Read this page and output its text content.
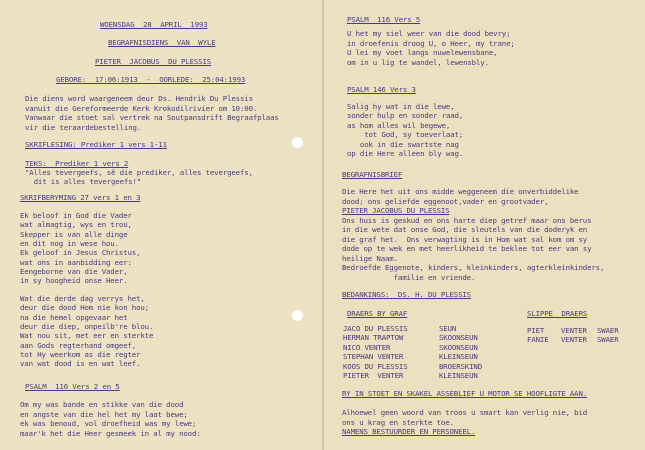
WOENSDAG  28  APRIL  1993
BEGRAFNISDIENS  VAN  WYLE
PIETER  JACOBUS  DU PLESSIS
GEBORE:  17:06:1913  -  OORLEDE:  25:04:1993
Die diens word waargeneem deur Ds. Hendrik Du Plessis
vanuit die Gereformeerde Kerk Krokodilrivier om 10:00.
Vanwaar die stoet sal vertrek na Soutpansdrift Begraafplaas
vir die teraardebestelling.
SKRIFLESING: Prediker 1 vers 1-11
TEKS:  Prediker 1 vers 2
"Alles tevergeefs, sê die prediker, alles tevergeefs,
dit is alles tevergeefs!"
SKRIFBERYMING 27 vers 1 en 3
Ek beloof in God die Vader
wat almagtig, wys en trou,
Skepper is van alle dinge
en dit nog in wese hou.
Ek geloof in Jesus Christus,
wat ons in aanbidding eer:
Eengeborne van die Vader,
in sy hoogheid onse Heer.
Wat die derde dag verrys het,
deur die dood Hom nie kon hou;
na die hemel opgevaar het
deur die diep, onpeilb're blou.
Wat nou sit, met eer en sterkte
aan Gods regterhand omgeef,
tot Hy weerkom as die regter
van wat dood is en wat leef.
PSALM  116 Vers 2 en 5
Om my was bande en stikke van die dood
en angste van die hel het my laat bewe;
ek was benoud, vol droefheid was my lewe;
maar'k het die Heer gesmeek in al my nood:
PSALM  116 Vers 5
U het my siel weer van die dood bevry;
in droefenis droog U, o Heer, my trane;
U lei my voet langs nuwelewensbane,
om in u lig te wandel, lewensbly.
PSALM 146 Vers 3
Salig hy wat in die lewe,
sonder hulp en sonder raad,
as hom alles wil begewe,
tot God, sy toeverlaat;
ook in die swartste nag
op die Here alleen bly wag.
BEGRAFNISBRIEF
Die Here het uit ons midde weggeneem die onverbiddelike
dood; ons geliefde eggenoot,vader en grootvader,
PIETER JACOBUS DU PLESSIS
Ons huis is geskud en ons harte diep getref maar ons berus
in die wete dat onse God, die sleutels van die doderyk en
die graf het.  Ons verwagting is in Hom wat sal kom om sy
dode op te wek en met heerlikheid te beklee tot eer van sy
heilige Naam.
Bedroefde Eggenote, kinders, kleinkinders, agterkleinkinders,
familie en vriende.
BEDANKINGS:  DS. H. DU PLESSIS
DRAERS BY GRAF
JACO DU PLESSIS	SEUN
HERMAN TRAPTOW	SKOONSEUN
NICO VENTER	SKOONSEUN
STEPHAN VENTER	KLEINSEUN
KOOS DU PLESSIS	BROERSKIND
PIETER  VENTER	KLEINSEUN
SLIPPE  DRAERS
PIET VENTER SWAER
FANIE VENTER SWAER
RY IN STOET EN SKAKEL ASSEBLIEF U MOTOR SE HOOFLIGTE AAN.
Alhoewel geen woord van troos u smart kan verlig nie, bid
ons u krag en sterkte toe.
NAMENS BESTUURDER EN PERSONEEL.
